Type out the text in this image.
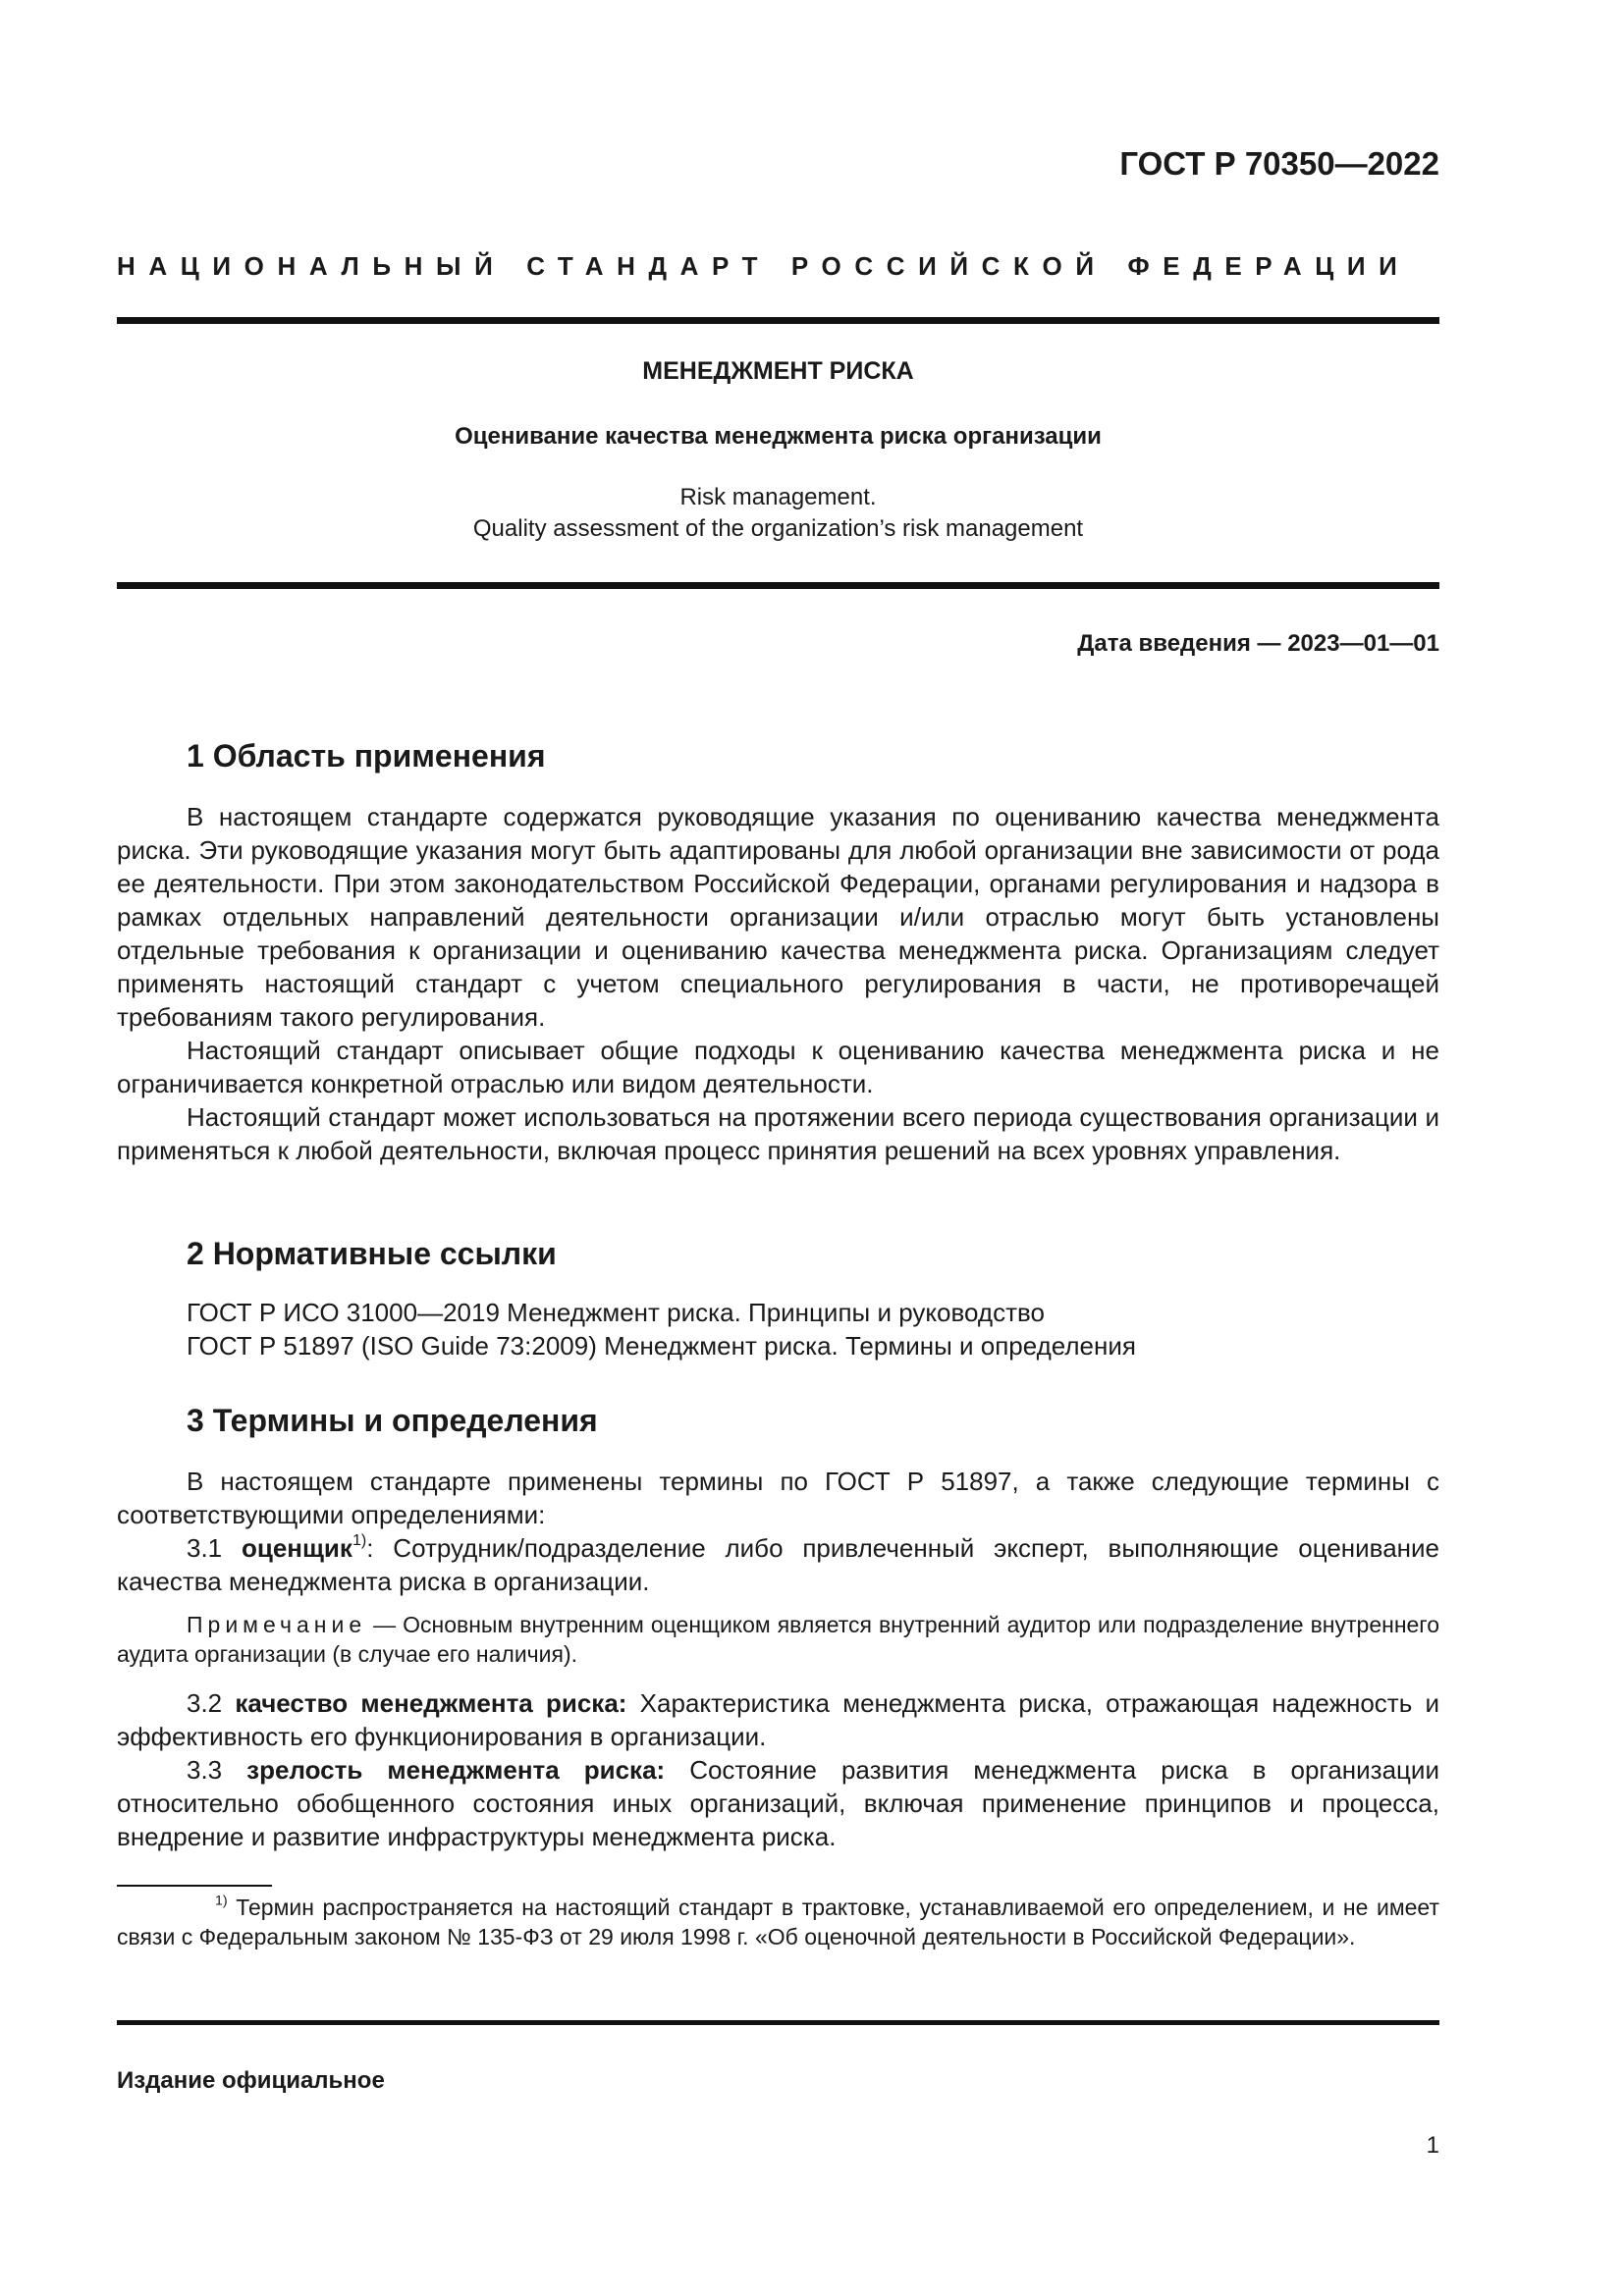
ГОСТ Р 70350—2022
НАЦИОНАЛЬНЫЙ СТАНДАРТ РОССИЙСКОЙ ФЕДЕРАЦИИ
МЕНЕДЖМЕНТ РИСКА
Оценивание качества менеджмента риска организации
Risk management.
Quality assessment of the organization’s risk management
Дата введения — 2023—01—01
1 Область применения

В настоящем стандарте содержатся руководящие указания по оцениванию качества менеджмента риска. Эти руководящие указания могут быть адаптированы для любой организации вне зависимости от рода ее деятельности. При этом законодательством Российской Федерации, органами регулирования и надзора в рамках отдельных направлений деятельности организации и/или отраслью могут быть установлены отдельные требования к организации и оцениванию качества менеджмента риска. Организациям следует применять настоящий стандарт с учетом специального регулирования в части, не противоречащей требованиям такого регулирования.

Настоящий стандарт описывает общие подходы к оцениванию качества менеджмента риска и не ограничивается конкретной отраслью или видом деятельности.

Настоящий стандарт может использоваться на протяжении всего периода существования организации и применяться к любой деятельности, включая процесс принятия решений на всех уровнях управления.

2 Нормативные ссылки

ГОСТ Р ИСО 31000—2019 Менеджмент риска. Принципы и руководство

ГОСТ Р 51897 (ISO Guide 73:2009) Менеджмент риска. Термины и определения

3 Термины и определения

В настоящем стандарте применены термины по ГОСТ Р 51897, а также следующие термины с соответствующими определениями:

3.1 оценщик$^{1)}$: Сотрудник/подразделение либо привлеченный эксперт, выполняющие оценивание качества менеджмента риска в организации.

Примечание — Основным внутренним оценщиком является внутренний аудитор или подразделение внутреннего аудита организации (в случае его наличия).

3.2 качество менеджмента риска: Характеристика менеджмента риска, отражающая надежность и эффективность его функционирования в организации.

3.3 зрелость менеджмента риска: Состояние развития менеджмента риска в организации относительно обобщенного состояния иных организаций, включая применение принципов и процесса, внедрение и развитие инфраструктуры менеджмента риска.

$^{1)}$ Термин распространяется на настоящий стандарт в трактовке, устанавливаемой его определением, и не имеет связи с Федеральным законом № 135-ФЗ от 29 июля 1998 г. «Об оценочной деятельности в Российской Федерации».

Издание официальное
1
